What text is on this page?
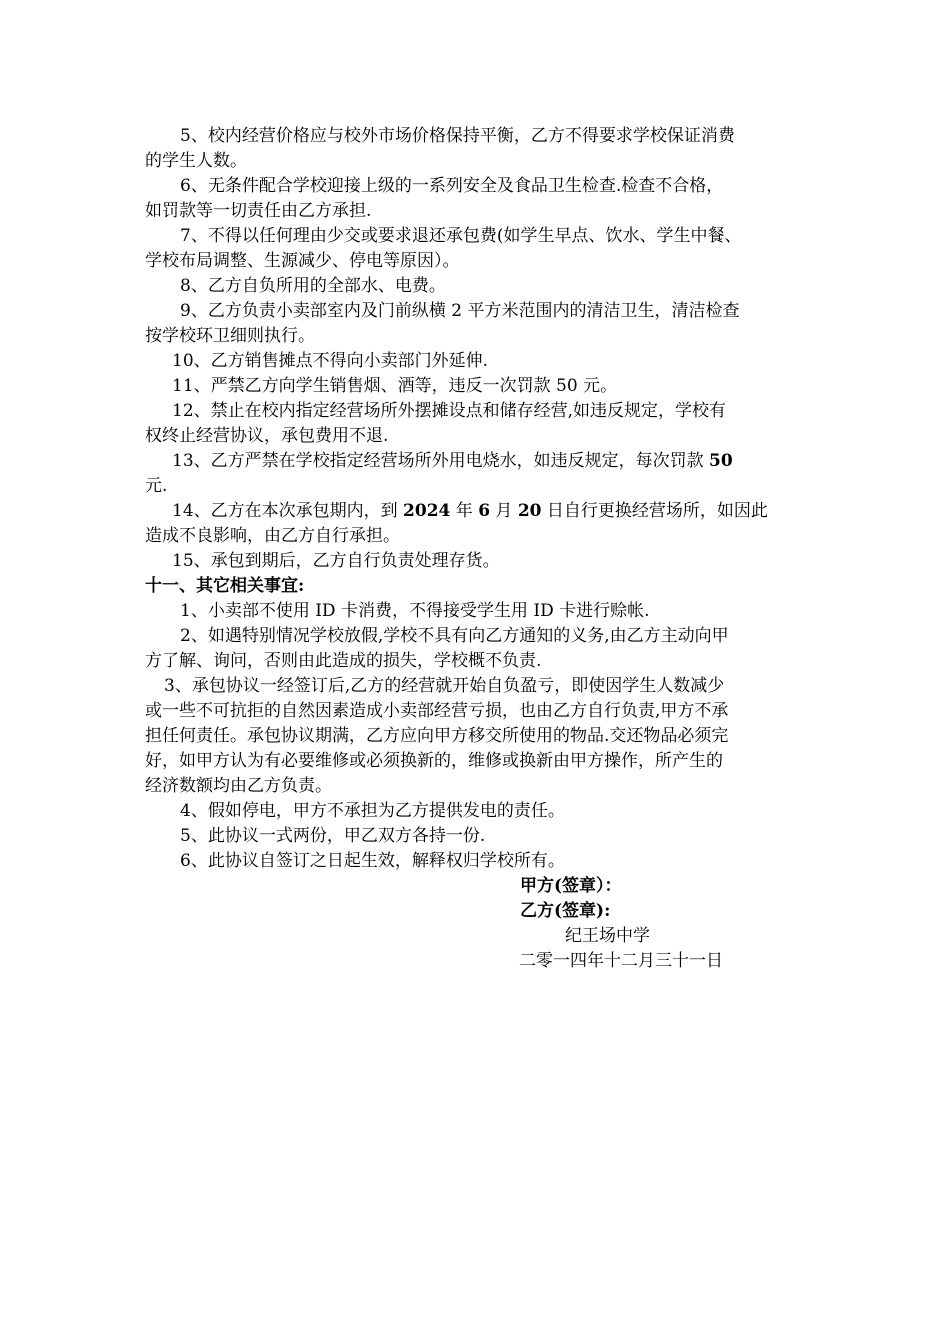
5、校内经营价格应与校外市场价格保持平衡，乙方不得要求学校保证消费
的学生人数。
6、无条件配合学校迎接上级的一系列安全及食品卫生检查.检查不合格，
如罚款等一切责任由乙方承担.
7、不得以任何理由少交或要求退还承包费(如学生早点、饮水、学生中餐、
学校布局调整、生源减少、停电等原因）。
8、乙方自负所用的全部水、电费。
9、乙方负责小卖部室内及门前纵横 2 平方米范围内的清洁卫生，清洁检查
按学校环卫细则执行。
10、乙方销售摊点不得向小卖部门外延伸.
11、严禁乙方向学生销售烟、酒等，违反一次罚款 50 元。
12、禁止在校内指定经营场所外摆摊设点和储存经营,如违反规定，学校有
权终止经营协议，承包费用不退.
13、乙方严禁在学校指定经营场所外用电烧水，如违反规定，每次罚款 50
元.
14、乙方在本次承包期内，到 2024 年 6 月 20 日自行更换经营场所，如因此
造成不良影响，由乙方自行承担。
15、承包到期后，乙方自行负责处理存货。
十一、其它相关事宜:
1、小卖部不使用 ID 卡消费，不得接受学生用 ID 卡进行赊帐.
2、如遇特别情况学校放假,学校不具有向乙方通知的义务,由乙方主动向甲
方了解、询问，否则由此造成的损失，学校概不负责.
3、承包协议一经签订后,乙方的经营就开始自负盈亏，即使因学生人数减少
或一些不可抗拒的自然因素造成小卖部经营亏损，也由乙方自行负责,甲方不承
担任何责任。承包协议期满，乙方应向甲方移交所使用的物品.交还物品必须完
好，如甲方认为有必要维修或必须换新的，维修或换新由甲方操作，所产生的
经济数额均由乙方负责。
4、假如停电，甲方不承担为乙方提供发电的责任。
5、此协议一式两份，甲乙双方各持一份.
6、此协议自签订之日起生效，解释权归学校所有。
甲方(签章）：
乙方(签章):
纪王场中学
二零一四年十二月三十一日
